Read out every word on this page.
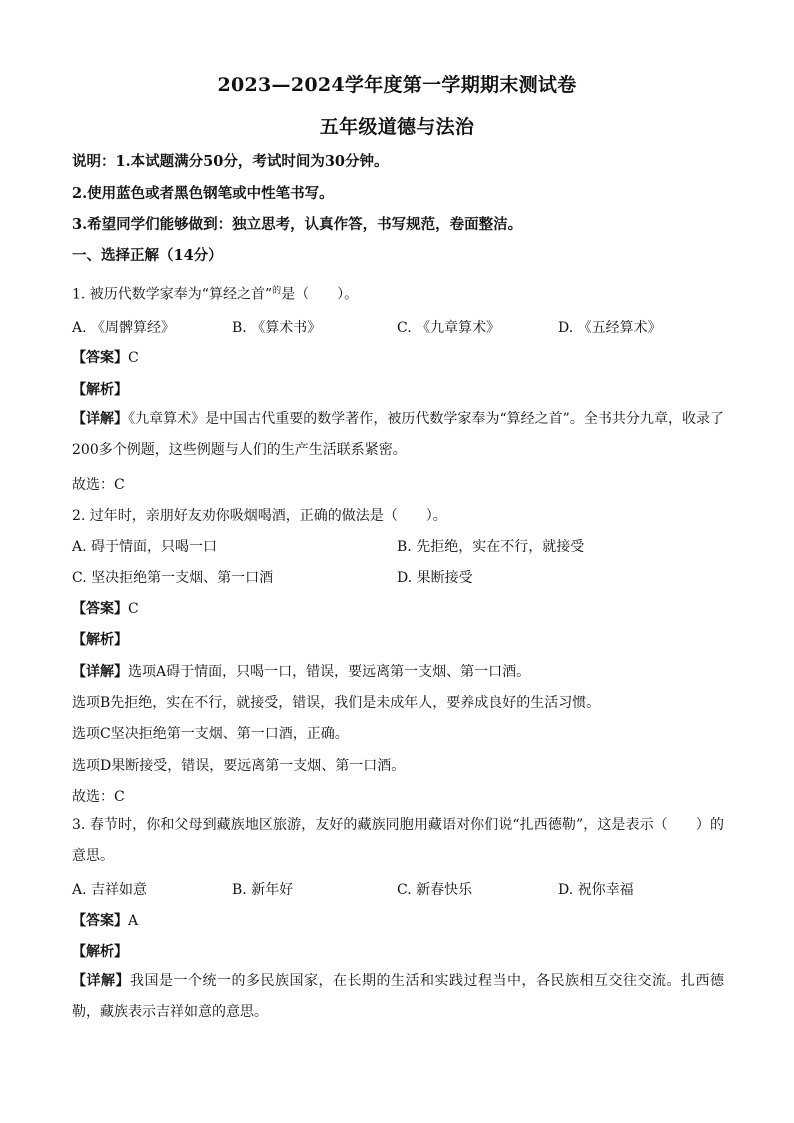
2023—2024学年度第一学期期末测试卷
五年级道德与法治
说明：1.本试题满分50分，考试时间为30分钟。
2.使用蓝色或者黑色钢笔或中性笔书写。
3.希望同学们能够做到：独立思考，认真作答，书写规范，卷面整洁。
一、选择正解（14分）
1. 被历代数学家奉为“算经之首”$^的$是（　　）。
A. 《周髀算经》	B. 《算术书》	C. 《九章算术》	D. 《五经算术》
【答案】C
【解析】
【详解】《九章算术》是中国古代重要的数学著作，被历代数学家奉为“算经之首”。全书共分九章，收录了200多个例题，这些例题与人们的生产生活联系紧密。
故选：C
2. 过年时，亲朋好友劝你吸烟喝酒，正确的做法是（　　）。
A. 碍于情面，只喝一口	B. 先拒绝，实在不行，就接受
C. 坚决拒绝第一支烟、第一口酒	D. 果断接受
【答案】C
【解析】
【详解】选项A碍于情面，只喝一口，错误，要远离第一支烟、第一口酒。
选项B先拒绝，实在不行，就接受，错误，我们是未成年人，要养成良好的生活习惯。
选项C坚决拒绝第一支烟、第一口酒，正确。
选项D果断接受，错误，要远离第一支烟、第一口酒。
故选：C
3. 春节时，你和父母到藏族地区旅游，友好的藏族同胞用藏语对你们说“扎西德勒”，这是表示（　　）的意思。
A. 吉祥如意	B. 新年好	C. 新春快乐	D. 祝你幸福
【答案】A
【解析】
【详解】我国是一个统一的多民族国家，在长期的生活和实践过程当中，各民族相互交往交流。扎西德勒，藏族表示吉祥如意的意思。
